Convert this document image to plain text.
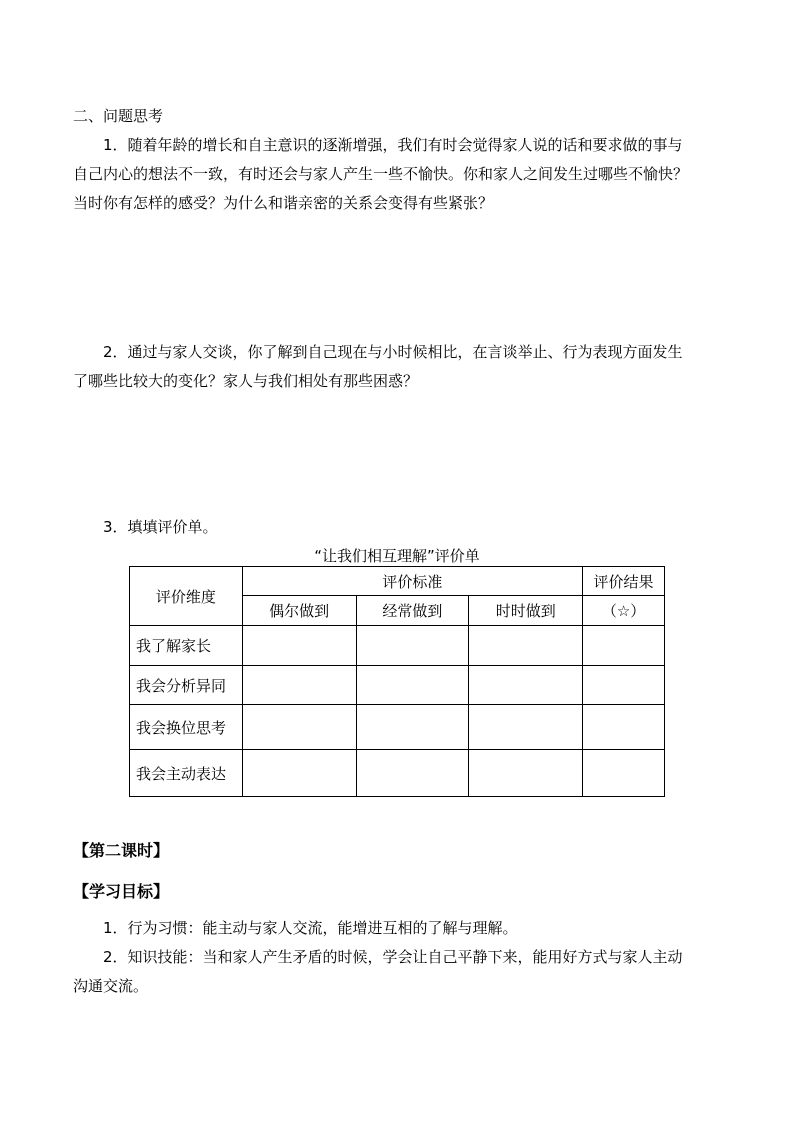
二、问题思考
1．随着年龄的增长和自主意识的逐渐增强，我们有时会觉得家人说的话和要求做的事与
自己内心的想法不一致，有时还会与家人产生一些不愉快。你和家人之间发生过哪些不愉快？
当时你有怎样的感受？为什么和谐亲密的关系会变得有些紧张？
2．通过与家人交谈，你了解到自己现在与小时候相比，在言谈举止、行为表现方面发生
了哪些比较大的变化？家人与我们相处有那些困惑？
3．填填评价单。
“让我们相互理解”评价单
评价维度	评价标准			评价结果
	偶尔做到	经常做到	时时做到	（☆）
我了解家长				
我会分析异同				
我会换位思考				
我会主动表达				
【第二课时】
【学习目标】
1．行为习惯：能主动与家人交流，能增进互相的了解与理解。
2．知识技能：当和家人产生矛盾的时候，学会让自己平静下来，能用好方式与家人主动
沟通交流。
